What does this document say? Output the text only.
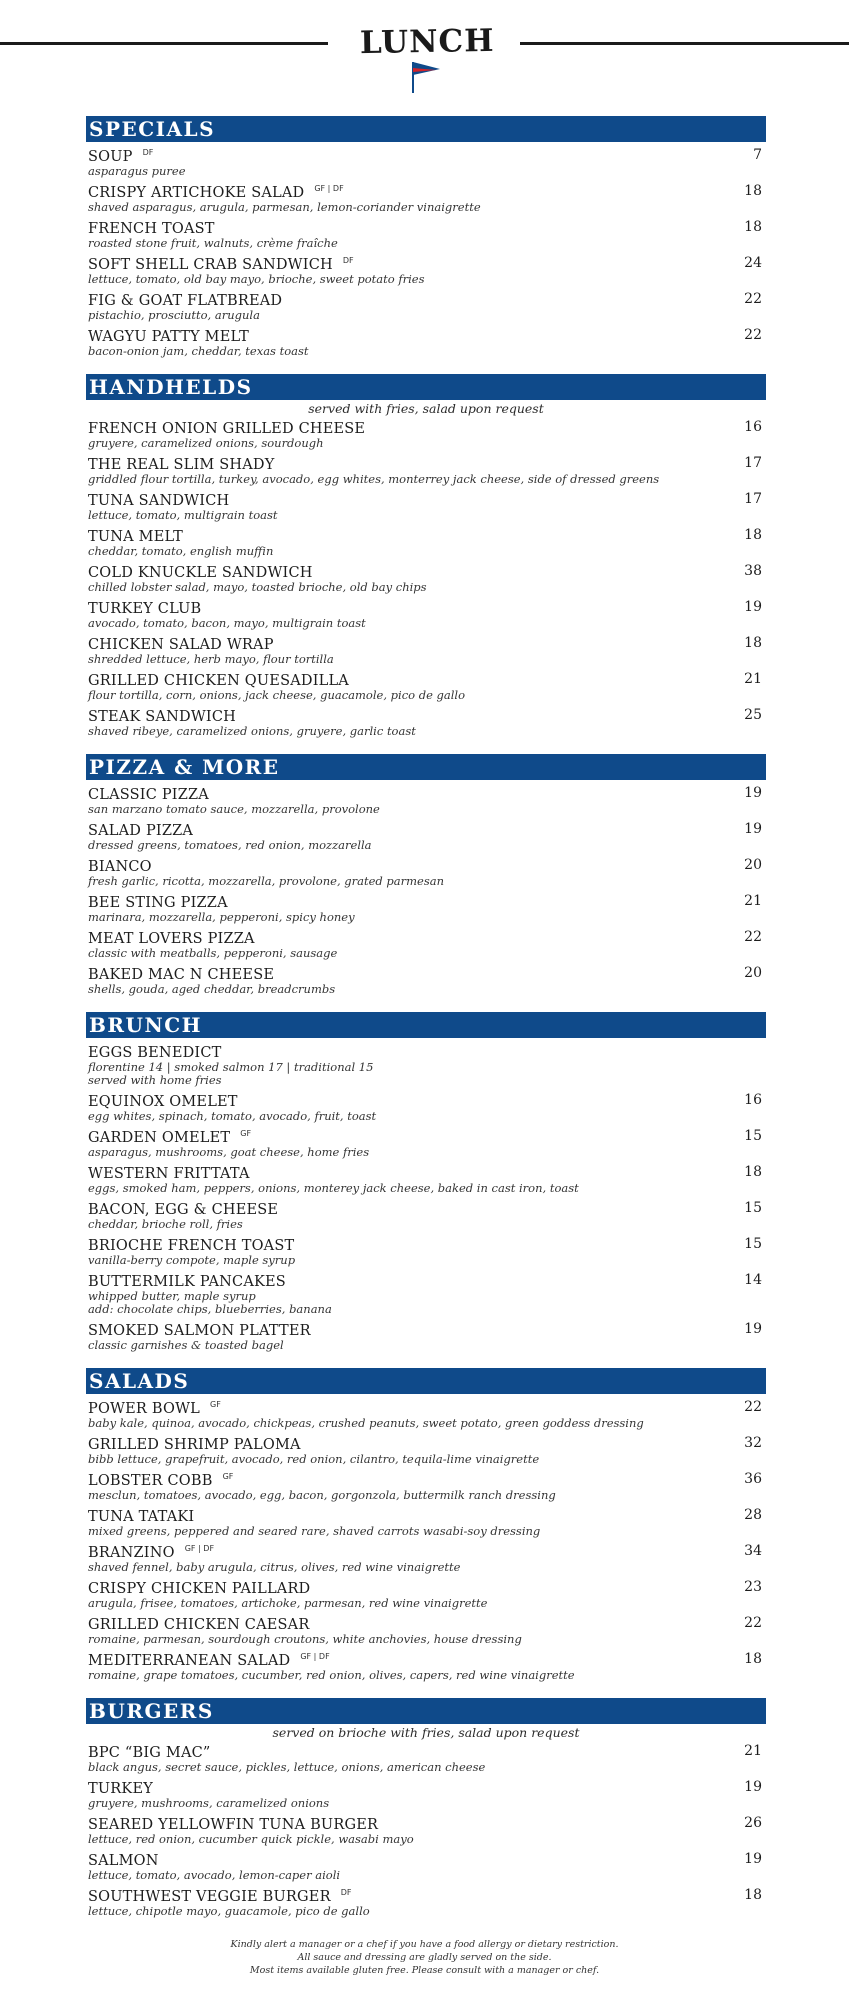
LUNCH
SPECIALS
SOUP $^{DF}$	7
asparagus puree
CRISPY ARTICHOKE SALAD $^{GF | DF}$	18
shaved asparagus, arugula, parmesan, lemon-coriander vinaigrette
FRENCH TOAST	18
roasted stone fruit, walnuts, crème fraîche
SOFT SHELL CRAB SANDWICH $^{DF}$	24
lettuce, tomato, old bay mayo, brioche, sweet potato fries
FIG & GOAT FLATBREAD	22
pistachio, prosciutto, arugula
WAGYU PATTY MELT	22
bacon-onion jam, cheddar, texas toast
HANDHELDS
served with fries, salad upon request
FRENCH ONION GRILLED CHEESE	16
gruyere, caramelized onions, sourdough
THE REAL SLIM SHADY	17
griddled flour tortilla, turkey, avocado, egg whites, monterrey jack cheese, side of dressed greens
TUNA SANDWICH	17
lettuce, tomato, multigrain toast
TUNA MELT	18
cheddar, tomato, english muffin
COLD KNUCKLE SANDWICH	38
chilled lobster salad, mayo, toasted brioche, old bay chips
TURKEY CLUB	19
avocado, tomato, bacon, mayo, multigrain toast
CHICKEN SALAD WRAP	18
shredded lettuce, herb mayo, flour tortilla
GRILLED CHICKEN QUESADILLA	21
flour tortilla, corn, onions, jack cheese, guacamole, pico de gallo
STEAK SANDWICH	25
shaved ribeye, caramelized onions, gruyere, garlic toast
PIZZA & MORE
CLASSIC PIZZA	19
san marzano tomato sauce, mozzarella, provolone
SALAD PIZZA	19
dressed greens, tomatoes, red onion, mozzarella
BIANCO	20
fresh garlic, ricotta, mozzarella, provolone, grated parmesan
BEE STING PIZZA	21
marinara, mozzarella, pepperoni, spicy honey
MEAT LOVERS PIZZA	22
classic with meatballs, pepperoni, sausage
BAKED MAC N CHEESE	20
shells, gouda, aged cheddar, breadcrumbs
BRUNCH
EGGS BENEDICT
florentine 14 | smoked salmon 17 | traditional 15
served with home fries
EQUINOX OMELET	16
egg whites, spinach, tomato, avocado, fruit, toast
GARDEN OMELET $^{GF}$	15
asparagus, mushrooms, goat cheese, home fries
WESTERN FRITTATA	18
eggs, smoked ham, peppers, onions, monterey jack cheese, baked in cast iron, toast
BACON, EGG & CHEESE	15
cheddar, brioche roll, fries
BRIOCHE FRENCH TOAST	15
vanilla-berry compote, maple syrup
BUTTERMILK PANCAKES	14
whipped butter, maple syrup
add: chocolate chips, blueberries, banana
SMOKED SALMON PLATTER	19
classic garnishes & toasted bagel
SALADS
POWER BOWL $^{GF}$	22
baby kale, quinoa, avocado, chickpeas, crushed peanuts, sweet potato, green goddess dressing
GRILLED SHRIMP PALOMA	32
bibb lettuce, grapefruit, avocado, red onion, cilantro, tequila-lime vinaigrette
LOBSTER COBB $^{GF}$	36
mesclun, tomatoes, avocado, egg, bacon, gorgonzola, buttermilk ranch dressing
TUNA TATAKI	28
mixed greens, peppered and seared rare, shaved carrots wasabi-soy dressing
BRANZINO $^{GF | DF}$	34
shaved fennel, baby arugula, citrus, olives, red wine vinaigrette
CRISPY CHICKEN PAILLARD	23
arugula, frisee, tomatoes, artichoke, parmesan, red wine vinaigrette
GRILLED CHICKEN CAESAR	22
romaine, parmesan, sourdough croutons, white anchovies, house dressing
MEDITERRANEAN SALAD $^{GF | DF}$	18
romaine, grape tomatoes, cucumber, red onion, olives, capers, red wine vinaigrette
BURGERS
served on brioche with fries, salad upon request
BPC “BIG MAC”	21
black angus, secret sauce, pickles, lettuce, onions, american cheese
TURKEY	19
gruyere, mushrooms, caramelized onions
SEARED YELLOWFIN TUNA BURGER	26
lettuce, red onion, cucumber quick pickle, wasabi mayo
SALMON	19
lettuce, tomato, avocado, lemon-caper aioli
SOUTHWEST VEGGIE BURGER $^{DF}$	18
lettuce, chipotle mayo, guacamole, pico de gallo
Kindly alert a manager or a chef if you have a food allergy or dietary restriction.
All sauce and dressing are gladly served on the side.
Most items available gluten free. Please consult with a manager or chef.
